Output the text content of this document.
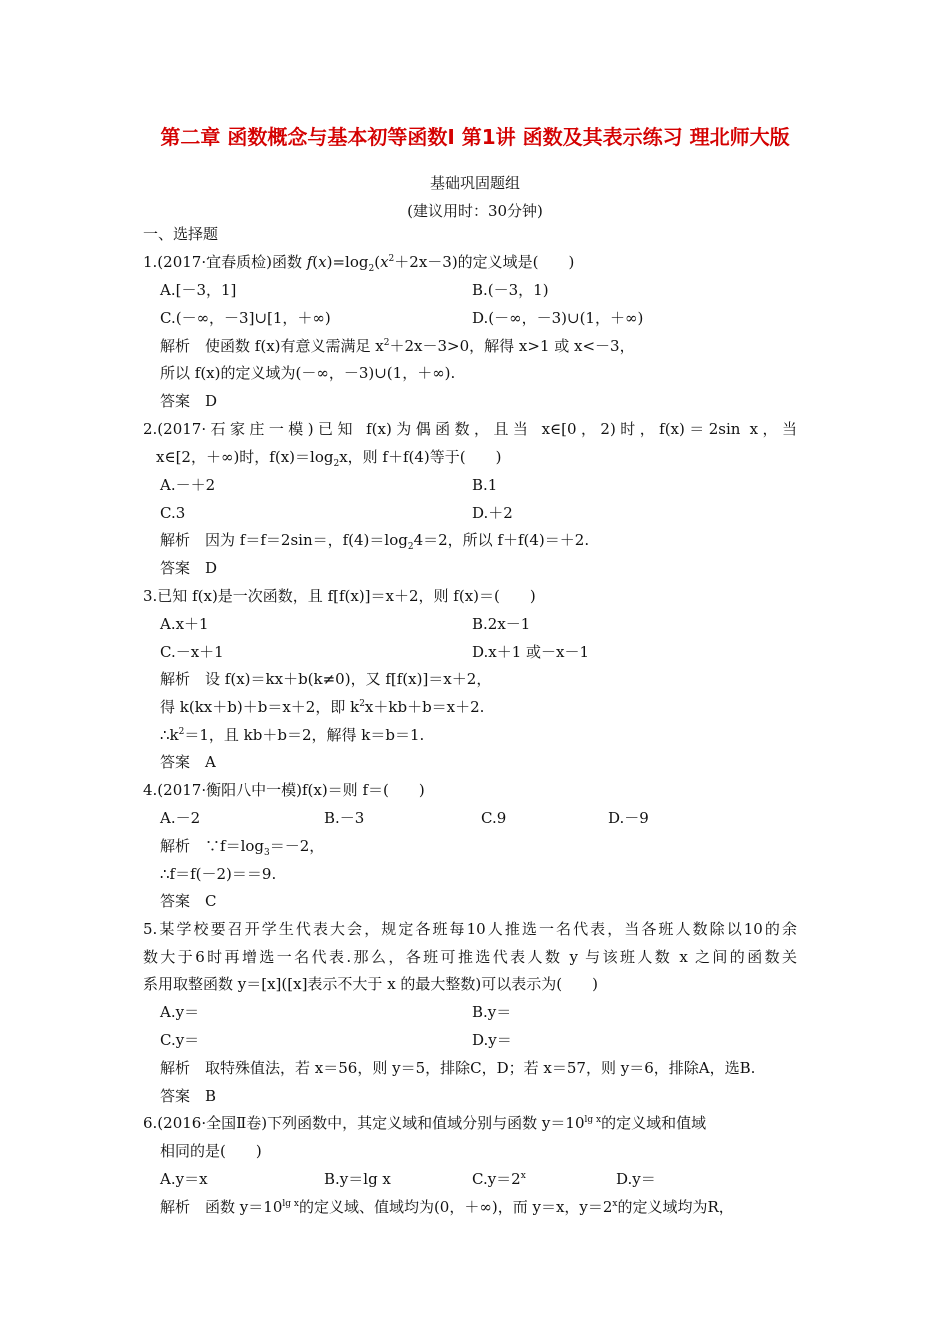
第二章 函数概念与基本初等函数Ⅰ 第1讲 函数及其表示练习 理北师大版
基础巩固题组
(建议用时：30分钟)
一、选择题
1.(2017·宜春质检)函数 $f(x)=\log_2(x^2+2x-3)$的定义域是(　　)
A.[－3，1]	B.(－3，1)
C.(－∞，－3]∪[1，＋∞)	D.(－∞，－3)∪(1，＋∞)
解析　 使函数 f(x)有意义需满足 $x^2+2x-3>0$，解得 x>1 或 x<－3，
所以 f(x)的定义域为(－∞，－3)∪(1，＋∞).
答案　 D
2.(2017·石家庄一模)已知 f(x)为偶函数，且当 x∈[0，2)时，f(x)＝2sin x，当
x∈[2，＋∞)时，$f(x)=\log_2x$，则 f＋f(4)等于(　　)
A.－＋2	B.1
C.3	D.＋2
解析　 因为 f＝f＝2sin＝，$f(4)=\log_24=2$，所以 f＋f(4)＝＋2.
答案　 D
3.已知 f(x)是一次函数，且 f[f(x)]＝x＋2，则 f(x)＝(　　)
A.x＋1	B.2x－1
C.－x＋1	D.x＋1 或－x－1
解析　 设 f(x)＝kx＋b(k≠0)，又 f[f(x)]＝x＋2，
得 k(kx＋b)＋b＝x＋2，即 $k^2x+kb+b=x+2$.
$\therefore k^2=1$，且 kb＋b＝2，解得 k＝b＝1.
答案　 A
4.(2017·衡阳八中一模)f(x)＝则 f＝(　　)
A.－2	B.－3	C.9	D.－9
解析　 $\because f=\log_3=-2$，
∴f＝f(－2)＝＝9.
答案　 C
5.某学校要召开学生代表大会，规定各班每10人推选一名代表，当各班人数除以10的余
数大于6时再增选一名代表.那么，各班可推选代表人数 y 与该班人数 x 之间的函数关
系用取整函数 y＝[x]([x]表示不大于 x 的最大整数)可以表示为(　　)
A.y＝	B.y＝
C.y＝	D.y＝
解析　 取特殊值法，若 x＝56，则 y＝5，排除C，D；若 x＝57，则 y＝6，排除A，选B.
答案　 B
6.(2016·全国Ⅱ卷)下列函数中，其定义域和值域分别与函数 $y=10^{lg x}$的定义域和值域
相同的是(　　)
A.y＝x	B.y＝lg x	$C.y=2^x$	D.y＝
解析　 函数 $y=10^{lg x}$的定义域、值域均为(0，＋∞)，而 y＝x，$y=2^x$的定义域均为R，
